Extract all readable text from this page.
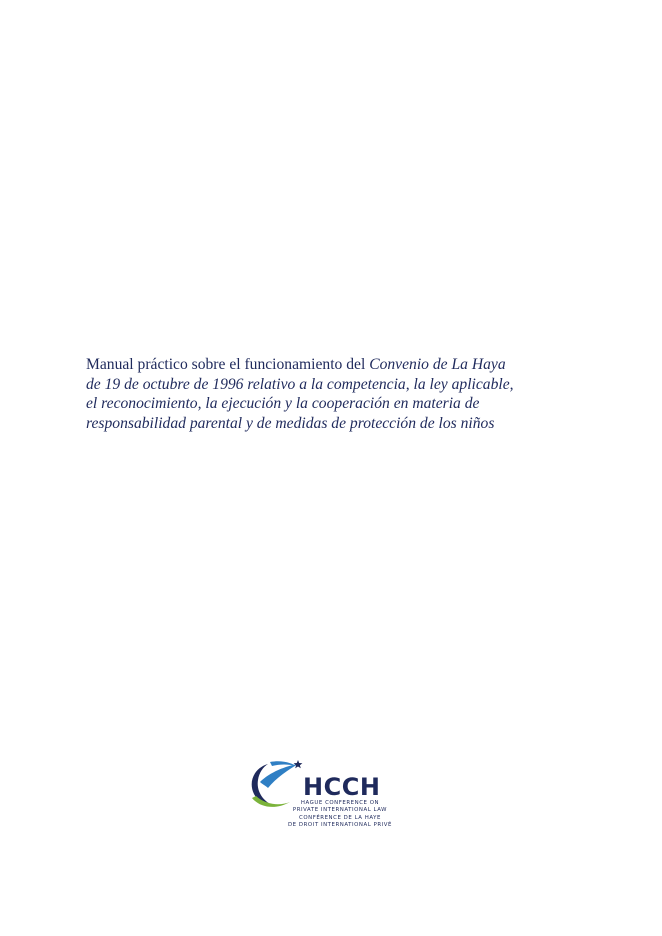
Manual práctico sobre el funcionamiento del Convenio de La Haya
de 19 de octubre de 1996 relativo a la competencia, la ley aplicable,
el reconocimiento, la ejecución y la cooperación en materia de
responsabilidad parental y de medidas de protección de los niños
HCCH
HAGUE CONFERENCE ON
PRIVATE INTERNATIONAL LAW
CONFÉRENCE DE LA HAYE
DE DROIT INTERNATIONAL PRIVÉ
